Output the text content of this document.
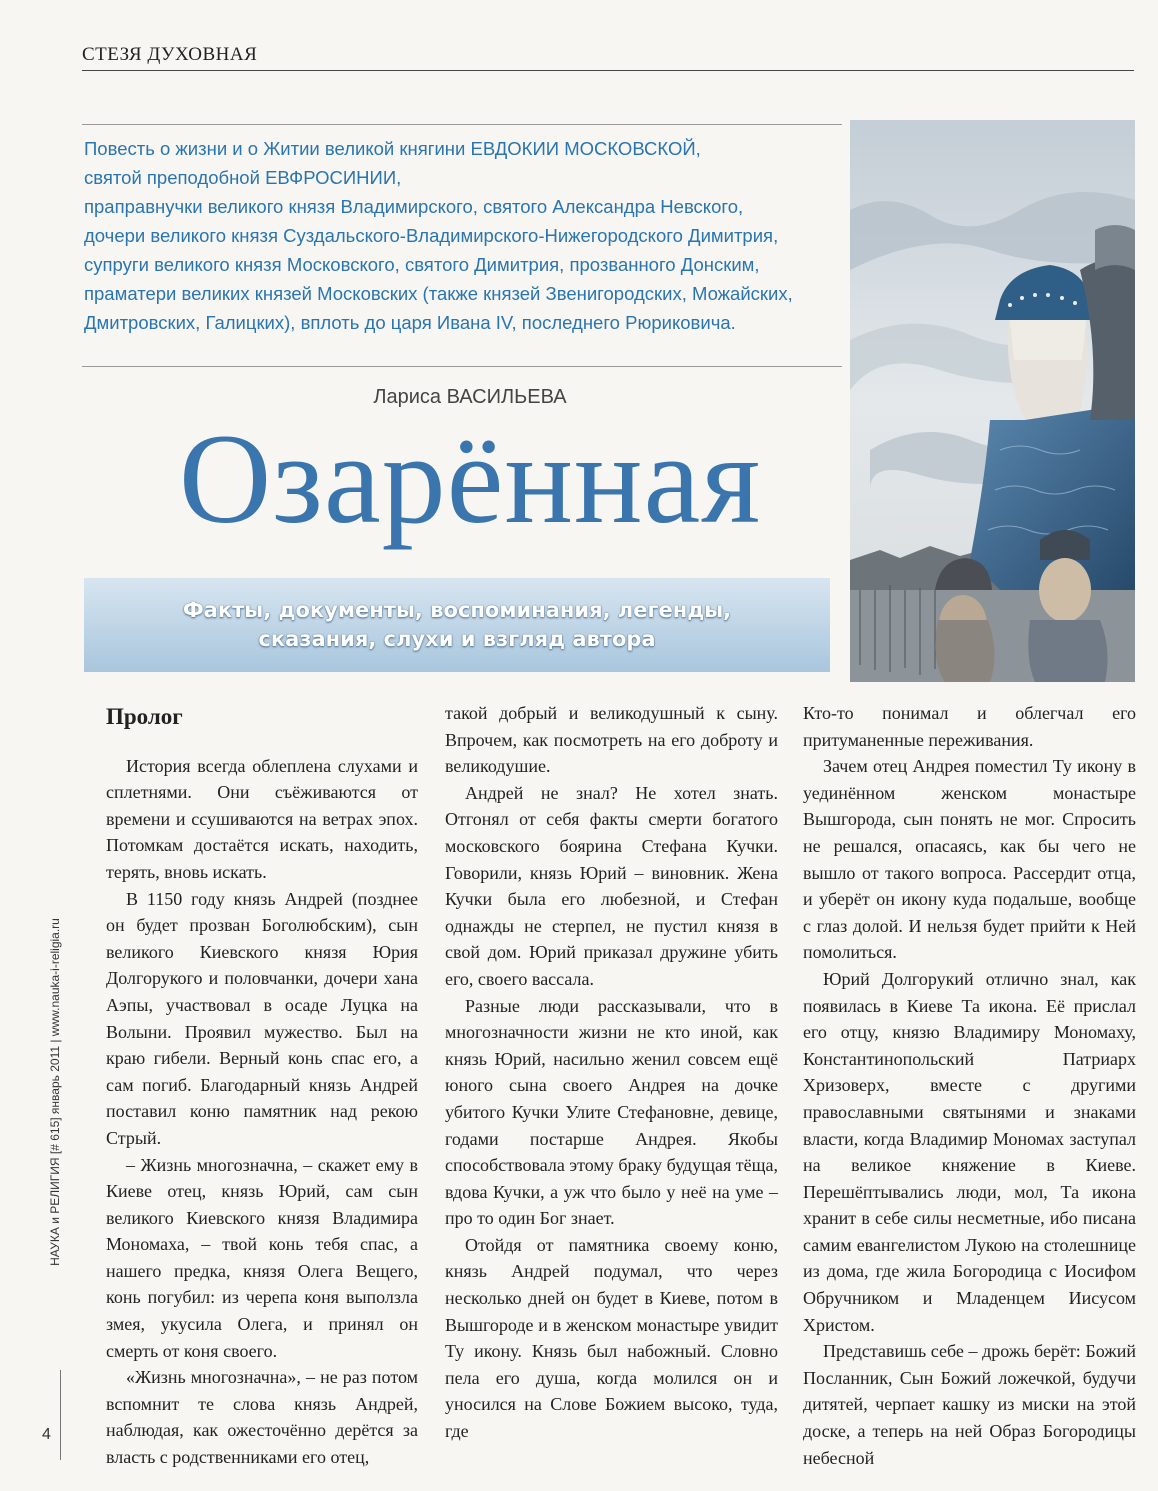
СТЕЗЯ ДУХОВНАЯ
Повесть о жизни и о Житии великой княгини ЕВДОКИИ МОСКОВСКОЙ,
святой преподобной ЕВФРОСИНИИ,
праправнучки великого князя Владимирского, святого Александра Невского,
дочери великого князя Суздальского-Владимирского-Нижегородского Димитрия,
супруги великого князя Московского, святого Димитрия, прозванного Донским,
праматери великих князей Московских (также князей Звенигородских, Можайских,
Дмитровских, Галицких), вплоть до царя Ивана IV, последнего Рюриковича.
Лариса ВАСИЛЬЕВА
Озарённая
Факты, документы, воспоминания, легенды,
сказания, слухи и взгляд автора
Пролог

История всегда облеплена слухами и сплетнями. Они съёживаются от времени и ссушиваются на ветрах эпох. Потомкам достаётся искать, находить, терять, вновь искать.

В 1150 году князь Андрей (позднее он будет прозван Боголюбским), сын великого Киевского князя Юрия Долгорукого и половчанки, дочери хана Аэпы, участвовал в осаде Луцка на Волыни. Проявил мужество. Был на краю гибели. Верный конь спас его, а сам погиб. Благодарный князь Андрей поставил коню памятник над рекою Стрый.

– Жизнь многозначна, – скажет ему в Киеве отец, князь Юрий, сам сын великого Киевского князя Владимира Мономаха, – твой конь тебя спас, а нашего предка, князя Олега Вещего, конь погубил: из черепа коня выползла змея, укусила Олега, и принял он смерть от коня своего.

«Жизнь многозначна», – не раз потом вспомнит те слова князь Андрей, наблюдая, как ожесточённо дерётся за власть с родственниками его отец,

такой добрый и великодушный к сыну. Впрочем, как посмотреть на его доброту и великодушие.

Андрей не знал? Не хотел знать. Отгонял от себя факты смерти богатого московского боярина Стефана Кучки. Говорили, князь Юрий – виновник. Жена Кучки была его любезной, и Стефан однажды не стерпел, не пустил князя в свой дом. Юрий приказал дружине убить его, своего вассала.

Разные люди рассказывали, что в многозначности жизни не кто иной, как князь Юрий, насильно женил совсем ещё юного сына своего Андрея на дочке убитого Кучки Улите Стефановне, девице, годами постарше Андрея. Якобы способствовала этому браку будущая тёща, вдова Кучки, а уж что было у неё на уме – про то один Бог знает.

Отойдя от памятника своему коню, князь Андрей подумал, что через несколько дней он будет в Киеве, потом в Вышгороде и в женском монастыре увидит Ту икону. Князь был набожный. Словно пела его душа, когда молился он и уносился на Слове Божием высоко, туда, где

Кто-то понимал и облегчал его притуманенные переживания.

Зачем отец Андрея поместил Ту икону в уединённом женском монастыре Вышгорода, сын понять не мог. Спросить не решался, опасаясь, как бы чего не вышло от такого вопроса. Рассердит отца, и уберёт он икону куда подальше, вообще с глаз долой. И нельзя будет прийти к Ней помолиться.

Юрий Долгорукий отлично знал, как появилась в Киеве Та икона. Её прислал его отцу, князю Владимиру Мономаху, Константинопольский Патриарх Хризоверх, вместе с другими православными святынями и знаками власти, когда Владимир Мономах заступал на великое княжение в Киеве. Перешёптывались люди, мол, Та икона хранит в себе силы несметные, ибо писана самим евангелистом Лукою на столешнице из дома, где жила Богородица с Иосифом Обручником и Младенцем Иисусом Христом.

Представишь себе – дрожь берёт: Божий Посланник, Сын Божий ложечкой, будучи дитятей, черпает кашку из миски на этой доске, а теперь на ней Образ Богородицы небесной

НАУКА и РЕЛИГИЯ [# 615] январь 2011 | www.nauka-i-religia.ru
4
